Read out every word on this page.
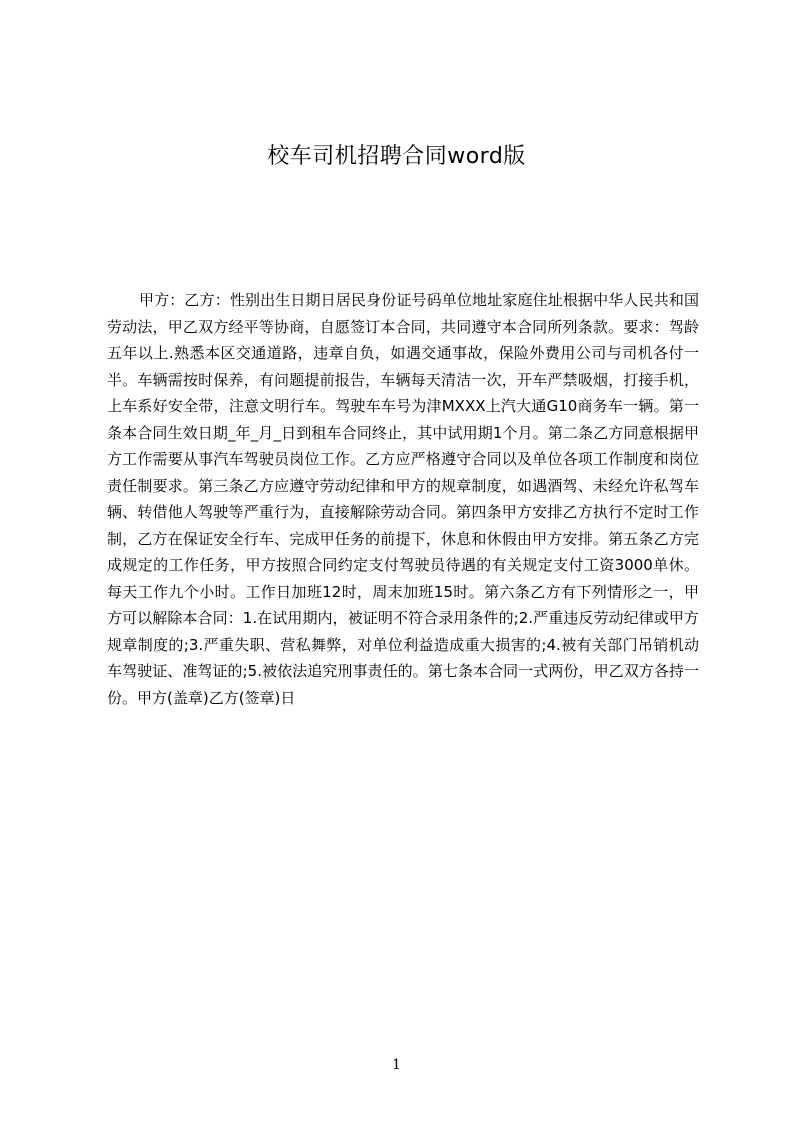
校车司机招聘合同word版

甲方：乙方：性别出生日期日居民身份证号码单位地址家庭住址根据中华人民共和国劳动法，甲乙双方经平等协商，自愿签订本合同，共同遵守本合同所列条款。要求：驾龄五年以上.熟悉本区交通道路，违章自负，如遇交通事故，保险外费用公司与司机各付一半。车辆需按时保养，有问题提前报告，车辆每天清洁一次，开车严禁吸烟，打接手机，上车系好安全带，注意文明行车。驾驶车车号为津MXXX上汽大通G10商务车一辆。第一条本合同生效日期_年_月_日到租车合同终止，其中试用期1个月。第二条乙方同意根据甲方工作需要从事汽车驾驶员岗位工作。乙方应严格遵守合同以及单位各项工作制度和岗位责任制要求。第三条乙方应遵守劳动纪律和甲方的规章制度，如遇酒驾、未经允许私驾车辆、转借他人驾驶等严重行为，直接解除劳动合同。第四条甲方安排乙方执行不定时工作制，乙方在保证安全行车、完成甲任务的前提下，休息和休假由甲方安排。第五条乙方完成规定的工作任务，甲方按照合同约定支付驾驶员待遇的有关规定支付工资3000单休。每天工作九个小时。工作日加班12时，周末加班15时。第六条乙方有下列情形之一，甲方可以解除本合同：1.在试用期内，被证明不符合录用条件的;2.严重违反劳动纪律或甲方规章制度的;3.严重失职、营私舞弊，对单位利益造成重大损害的;4.被有关部门吊销机动车驾驶证、准驾证的;5.被依法追究刑事责任的。第七条本合同一式两份，甲乙双方各持一份。甲方(盖章)乙方(签章)日

1
